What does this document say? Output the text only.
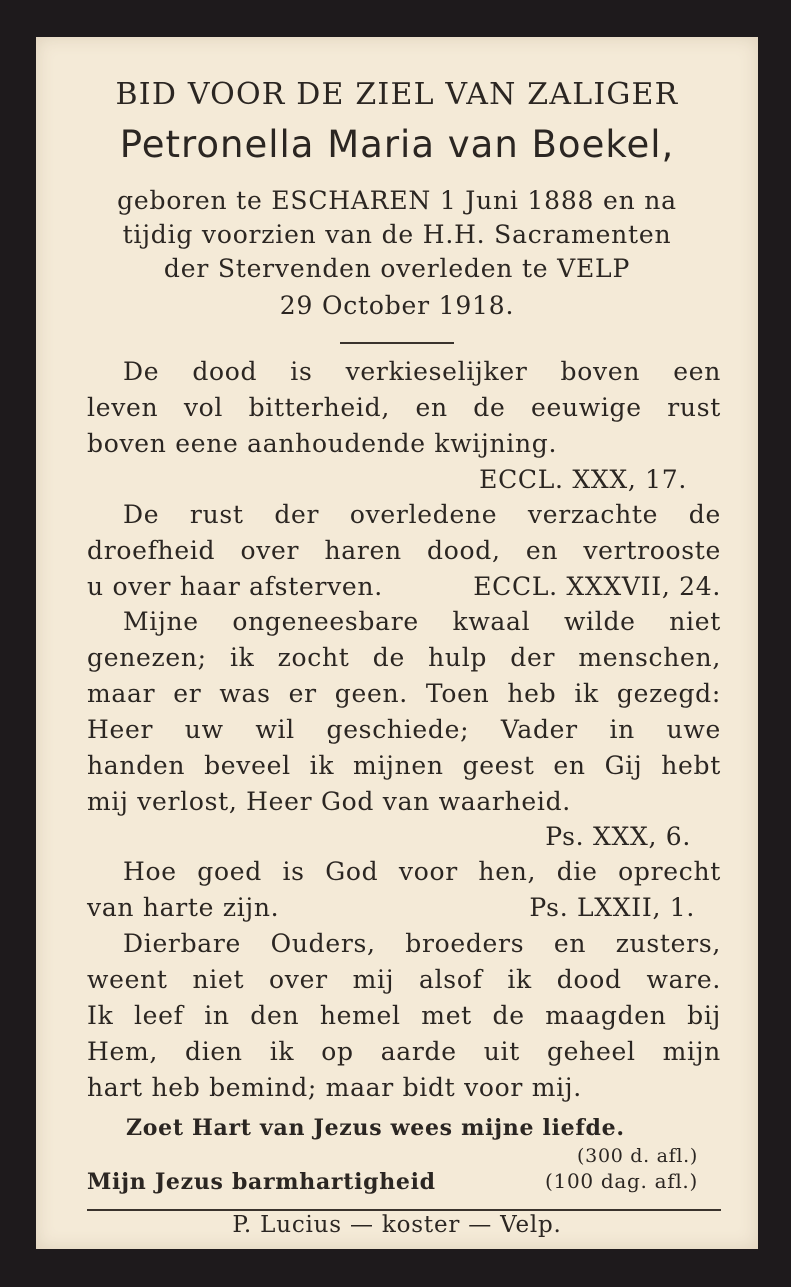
BID VOOR DE ZIEL VAN ZALIGER
Petronella Maria van Boekel,
geboren te ESCHAREN 1 Juni 1888 en na
tijdig voorzien van de H.H. Sacramenten
der Stervenden overleden te VELP
29 October 1918.
De dood is verkieselijker boven een
leven vol bitterheid, en de eeuwige rust
boven eene aanhoudende kwijning.
ECCL. XXX, 17.
De rust der overledene verzachte de
droefheid over haren dood, en vertrooste
u over haar afsterven.	ECCL. XXXVII, 24.
Mijne ongeneesbare kwaal wilde niet
genezen; ik zocht de hulp der menschen,
maar er was er geen. Toen heb ik gezegd:
Heer uw wil geschiede; Vader in uwe
handen beveel ik mijnen geest en Gij hebt
mij verlost, Heer God van waarheid.
Ps. XXX, 6.
Hoe goed is God voor hen, die oprecht
van harte zijn.	Ps. LXXII, 1.
Dierbare Ouders, broeders en zusters,
weent niet over mij alsof ik dood ware.
Ik leef in den hemel met de maagden bij
Hem, dien ik op aarde uit geheel mijn
hart heb bemind; maar bidt voor mij.
Zoet Hart van Jezus wees mijne liefde.
(300 d. afl.)
Mijn Jezus barmhartigheid	(100 dag. afl.)
P. Lucius — koster — Velp.
